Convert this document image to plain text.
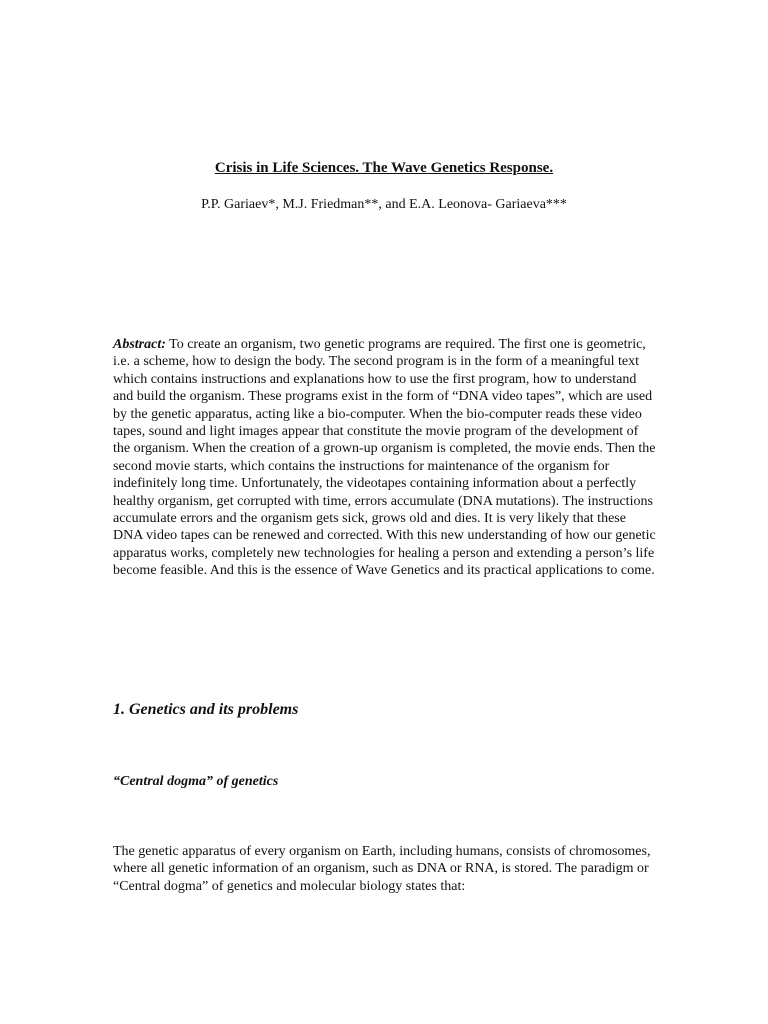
Crisis in Life Sciences. The Wave Genetics Response.
P.P. Gariaev*, M.J. Friedman**, and E.A. Leonova- Gariaeva***

Abstract: To create an organism, two genetic programs are required. The first one is geometric, i.e. a scheme, how to design the body. The second program is in the form of a meaningful text which contains instructions and explanations how to use the first program, how to understand and build the organism. These programs exist in the form of “DNA video tapes”, which are used by the genetic apparatus, acting like a bio-computer. When the bio-computer reads these video tapes, sound and light images appear that constitute the movie program of the development of the organism. When the creation of a grown-up organism is completed, the movie ends. Then the second movie starts, which contains the instructions for maintenance of the organism for indefinitely long time. Unfortunately, the videotapes containing information about a perfectly healthy organism, get corrupted with time, errors accumulate (DNA mutations). The instructions accumulate errors and the organism gets sick, grows old and dies. It is very likely that these DNA video tapes can be renewed and corrected. With this new understanding of how our genetic apparatus works, completely new technologies for healing a person and extending a person’s life become feasible. And this is the essence of Wave Genetics and its practical applications to come.

1. Genetics and its problems
“Central dogma” of genetics

The genetic apparatus of every organism on Earth, including humans, consists of chromosomes, where all genetic information of an organism, such as DNA or RNA, is stored. The paradigm or “Central dogma” of genetics and molecular biology states that:
